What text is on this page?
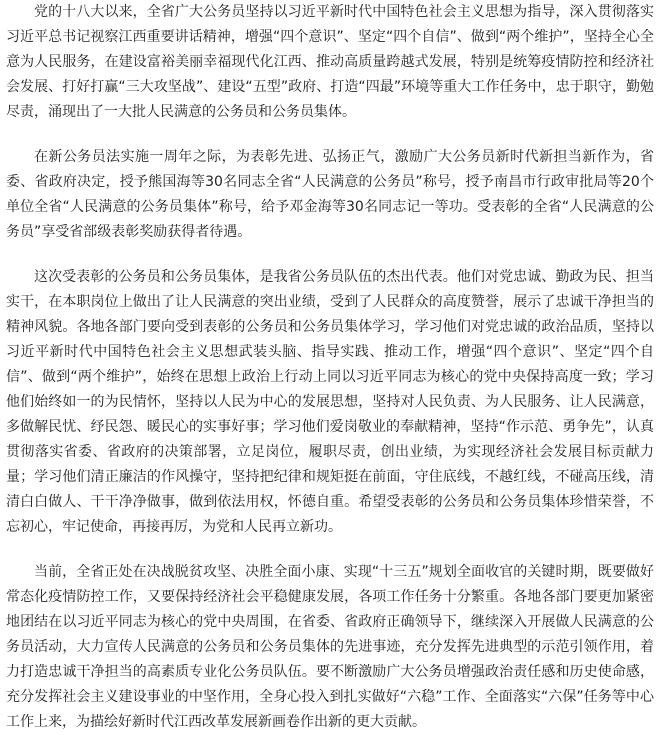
党的十八大以来，全省广大公务员坚持以习近平新时代中国特色社会主义思想为指导，深入贯彻落实习近平总书记视察江西重要讲话精神，增强“四个意识”、坚定“四个自信”、做到“两个维护”，坚持全心全意为人民服务，在建设富裕美丽幸福现代化江西、推动高质量跨越式发展，特别是统筹疫情防控和经济社会发展、打好打赢“三大攻坚战”、建设“五型”政府、打造“四最”环境等重大工作任务中，忠于职守，勤勉尽责，涌现出了一大批人民满意的公务员和公务员集体。

在新公务员法实施一周年之际，为表彰先进、弘扬正气，激励广大公务员新时代新担当新作为，省委、省政府决定，授予熊国海等30名同志全省“人民满意的公务员”称号，授予南昌市行政审批局等20个单位全省“人民满意的公务员集体”称号，给予邓金海等30名同志记一等功。受表彰的全省“人民满意的公务员”享受省部级表彰奖励获得者待遇。

这次受表彰的公务员和公务员集体，是我省公务员队伍的杰出代表。他们对党忠诚、勤政为民、担当实干，在本职岗位上做出了让人民满意的突出业绩，受到了人民群众的高度赞誉，展示了忠诚干净担当的精神风貌。各地各部门要向受到表彰的公务员和公务员集体学习，学习他们对党忠诚的政治品质，坚持以习近平新时代中国特色社会主义思想武装头脑、指导实践、推动工作，增强“四个意识”、坚定“四个自信”、做到“两个维护”，始终在思想上政治上行动上同以习近平同志为核心的党中央保持高度一致；学习他们始终如一的为民情怀，坚持以人民为中心的发展思想，坚持对人民负责、为人民服务、让人民满意，多做解民忧、纾民怨、暖民心的实事好事；学习他们爱岗敬业的奉献精神，坚持“作示范、勇争先”，认真贯彻落实省委、省政府的决策部署，立足岗位，履职尽责，创出业绩，为实现经济社会发展目标贡献力量；学习他们清正廉洁的作风操守，坚持把纪律和规矩挺在前面，守住底线，不越红线，不碰高压线，清清白白做人、干干净净做事，做到依法用权，怀德自重。希望受表彰的公务员和公务员集体珍惜荣誉，不忘初心，牢记使命，再接再厉，为党和人民再立新功。

当前，全省正处在决战脱贫攻坚、决胜全面小康、实现“十三五”规划全面收官的关键时期，既要做好常态化疫情防控工作，又要保持经济社会平稳健康发展，各项工作任务十分繁重。各地各部门要更加紧密地团结在以习近平同志为核心的党中央周围，在省委、省政府正确领导下，继续深入开展做人民满意的公务员活动，大力宣传人民满意的公务员和公务员集体的先进事迹，充分发挥先进典型的示范引领作用，着力打造忠诚干净担当的高素质专业化公务员队伍。要不断激励广大公务员增强政治责任感和历史使命感，充分发挥社会主义建设事业的中坚作用，全身心投入到扎实做好“六稳”工作、全面落实“六保”任务等中心工作上来，为描绘好新时代江西改革发展新画卷作出新的更大贡献。
